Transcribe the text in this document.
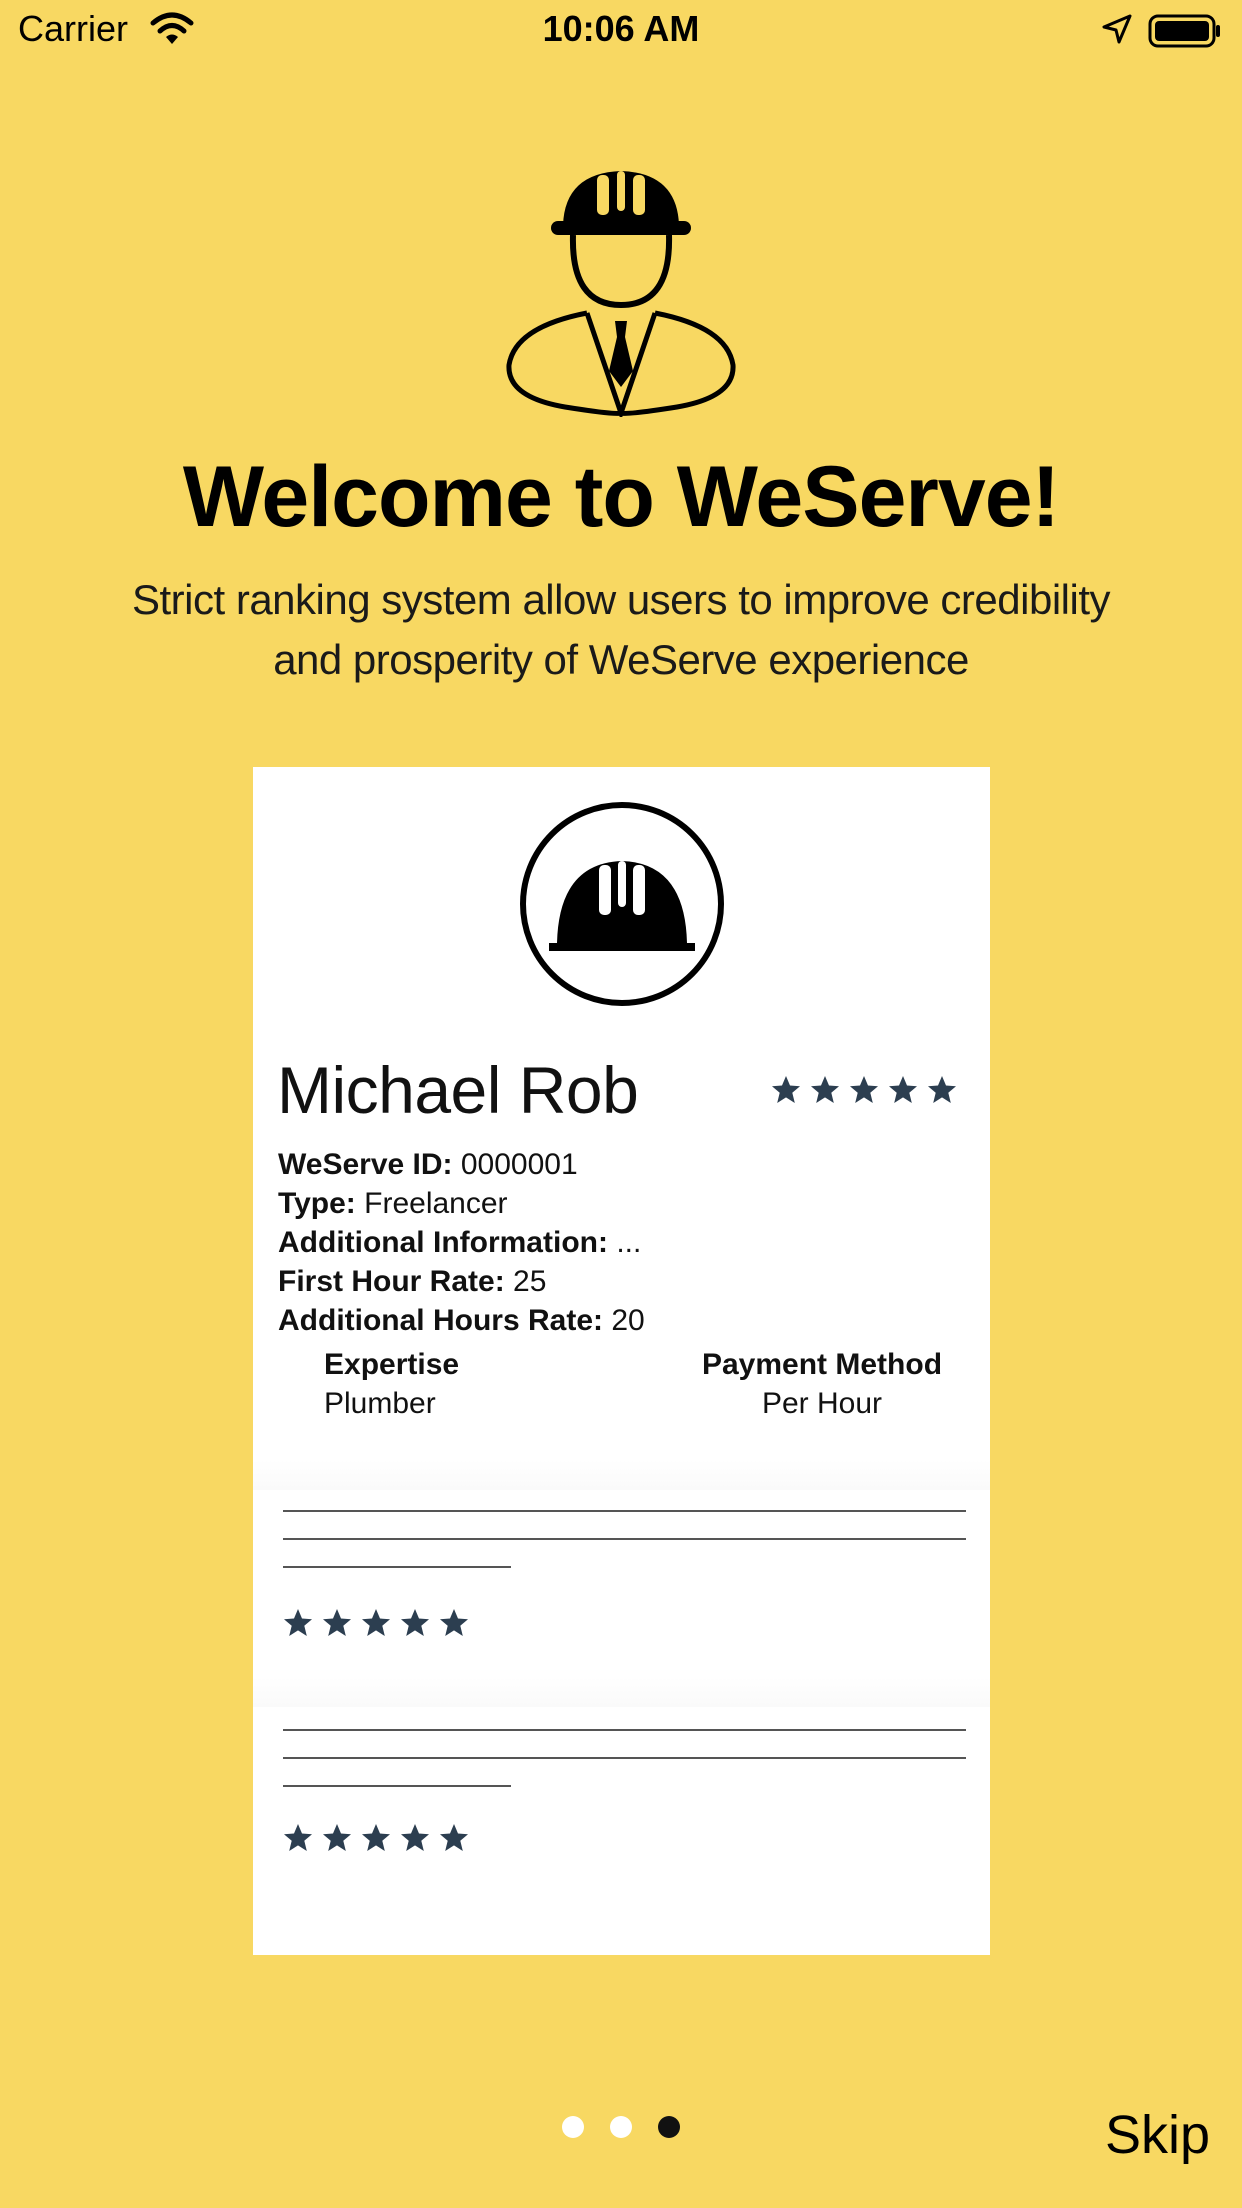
Carrier	10:06 AM
Welcome to WeServe!
Strict ranking system allow users to improve credibility and prosperity of WeServe experience
Michael Rob
WeServe ID: 0000001
Type: Freelancer
Additional Information: ...
First Hour Rate: 25
Additional Hours Rate: 20
Expertise
Plumber
Payment Method
Per Hour
Skip
